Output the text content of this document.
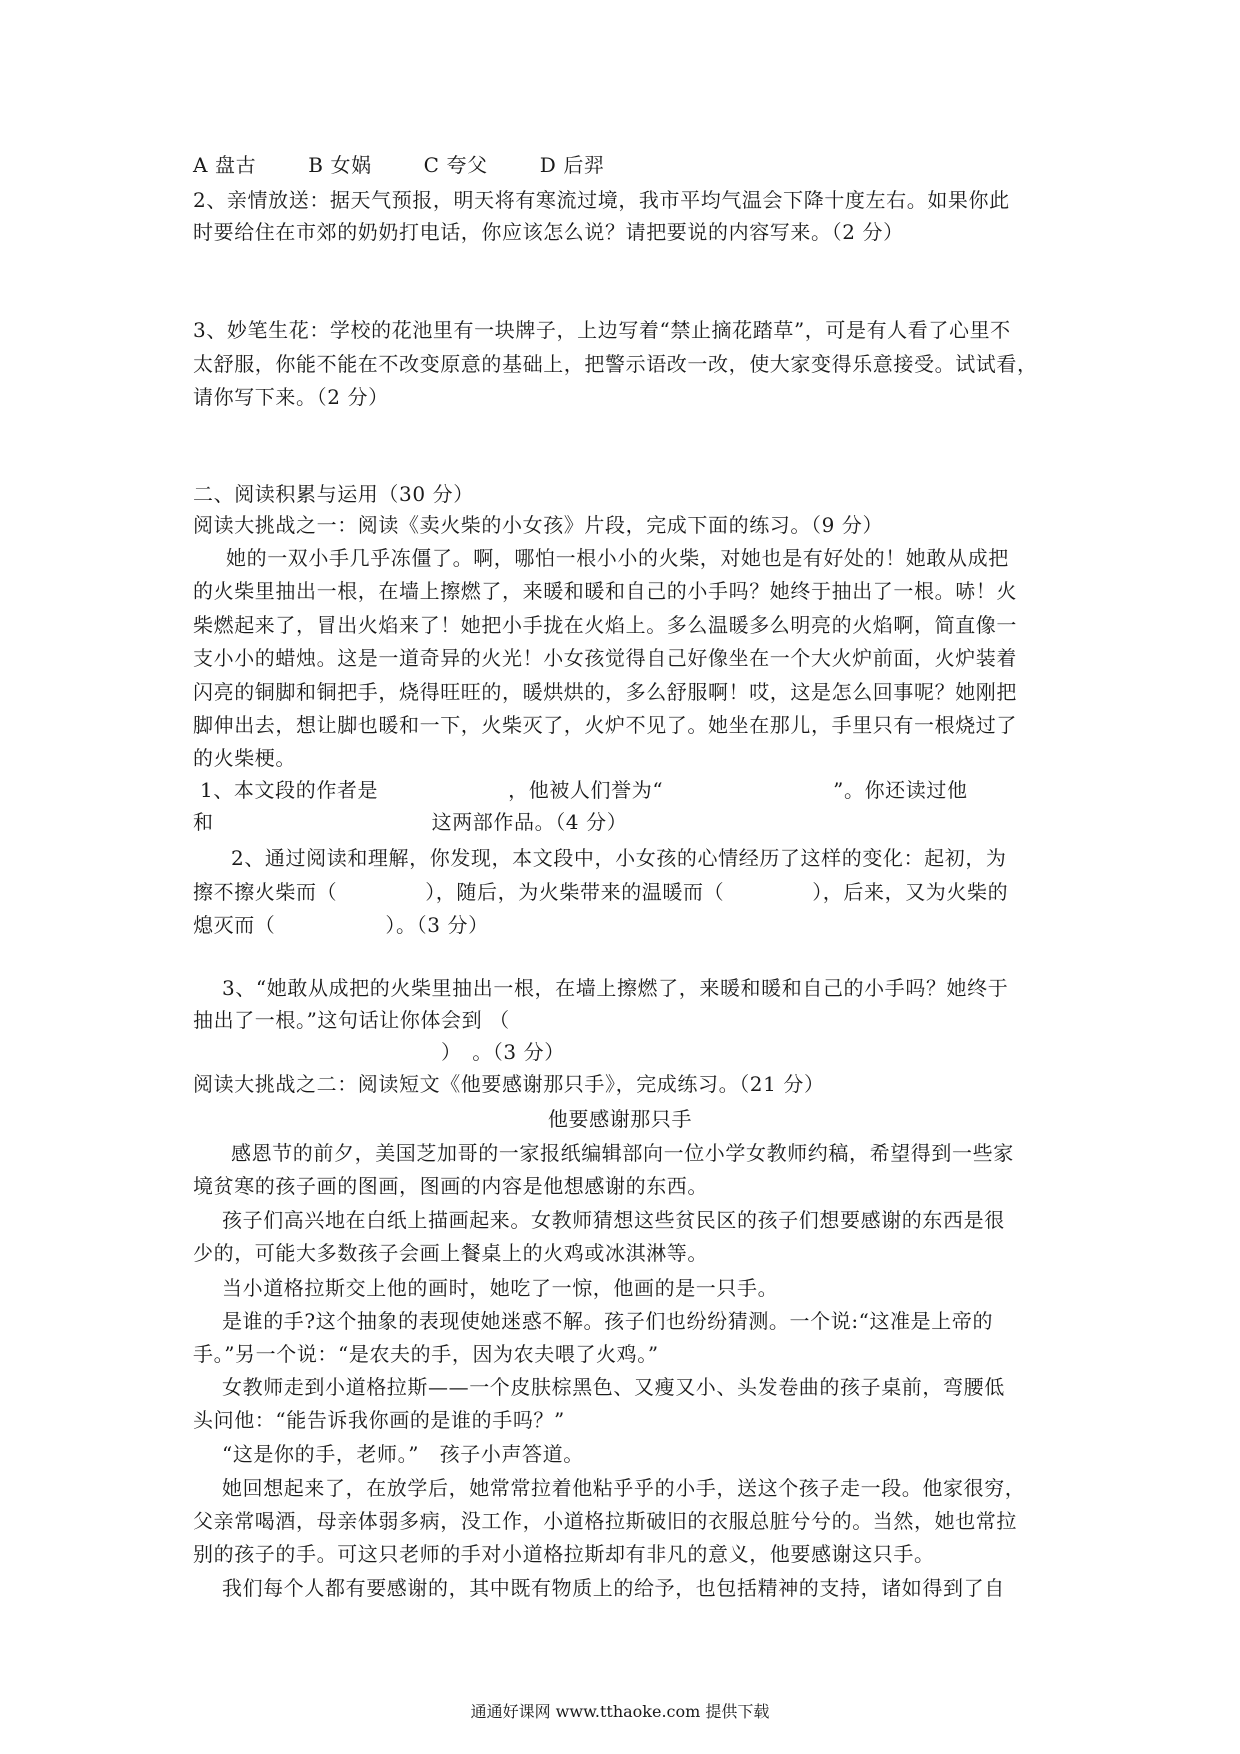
A 盘古	B 女娲	C 夸父	D 后羿
2、亲情放送：据天气预报，明天将有寒流过境，我市平均气温会下降十度左右。如果你此
时要给住在市郊的奶奶打电话，你应该怎么说？请把要说的内容写来。（2 分）
3、妙笔生花：学校的花池里有一块牌子，上边写着“禁止摘花踏草”，可是有人看了心里不
太舒服，你能不能在不改变原意的基础上，把警示语改一改，使大家变得乐意接受。试试看，
请你写下来。（2 分）
二、阅读积累与运用（30 分）
阅读大挑战之一：阅读《卖火柴的小女孩》片段，完成下面的练习。（9 分）
她的一双小手几乎冻僵了。啊，哪怕一根小小的火柴，对她也是有好处的！她敢从成把
的火柴里抽出一根，在墙上擦燃了，来暖和暖和自己的小手吗？她终于抽出了一根。哧！火
柴燃起来了，冒出火焰来了！她把小手拢在火焰上。多么温暖多么明亮的火焰啊，简直像一
支小小的蜡烛。这是一道奇异的火光！小女孩觉得自己好像坐在一个大火炉前面，火炉装着
闪亮的铜脚和铜把手，烧得旺旺的，暖烘烘的，多么舒服啊！哎，这是怎么回事呢？她刚把
脚伸出去，想让脚也暖和一下，火柴灭了，火炉不见了。她坐在那儿，手里只有一根烧过了
的火柴梗。
1、本文段的作者是	，他被人们誉为“	”。你还读过他
和	这两部作品。（4 分）
2、通过阅读和理解，你发现，本文段中，小女孩的心情经历了这样的变化：起初，为
擦不擦火柴而（	），随后，为火柴带来的温暖而（	），后来，又为火柴的
熄灭而（	）。（3 分）
3、“她敢从成把的火柴里抽出一根，在墙上擦燃了，来暖和暖和自己的小手吗？她终于
抽出了一根。”这句话让你体会到 （
）　。（3 分）
阅读大挑战之二：阅读短文《他要感谢那只手》，完成练习。（21 分）
他要感谢那只手
感恩节的前夕，美国芝加哥的一家报纸编辑部向一位小学女教师约稿，希望得到一些家
境贫寒的孩子画的图画，图画的内容是他想感谢的东西。
孩子们高兴地在白纸上描画起来。女教师猜想这些贫民区的孩子们想要感谢的东西是很
少的，可能大多数孩子会画上餐桌上的火鸡或冰淇淋等。
当小道格拉斯交上他的画时，她吃了一惊，他画的是一只手。
是谁的手?这个抽象的表现使她迷惑不解。孩子们也纷纷猜测。一个说:“这准是上帝的
手。”另一个说：“是农夫的手，因为农夫喂了火鸡。”
女教师走到小道格拉斯——一个皮肤棕黑色、又瘦又小、头发卷曲的孩子桌前，弯腰低
头问他：“能告诉我你画的是谁的手吗？”
“这是你的手，老师。”　孩子小声答道。
她回想起来了，在放学后，她常常拉着他粘乎乎的小手，送这个孩子走一段。他家很穷，
父亲常喝酒，母亲体弱多病，没工作，小道格拉斯破旧的衣服总脏兮兮的。当然，她也常拉
别的孩子的手。可这只老师的手对小道格拉斯却有非凡的意义，他要感谢这只手。
我们每个人都有要感谢的，其中既有物质上的给予，也包括精神的支持，诸如得到了自
通通好课网 www.tthaoke.com 提供下载
